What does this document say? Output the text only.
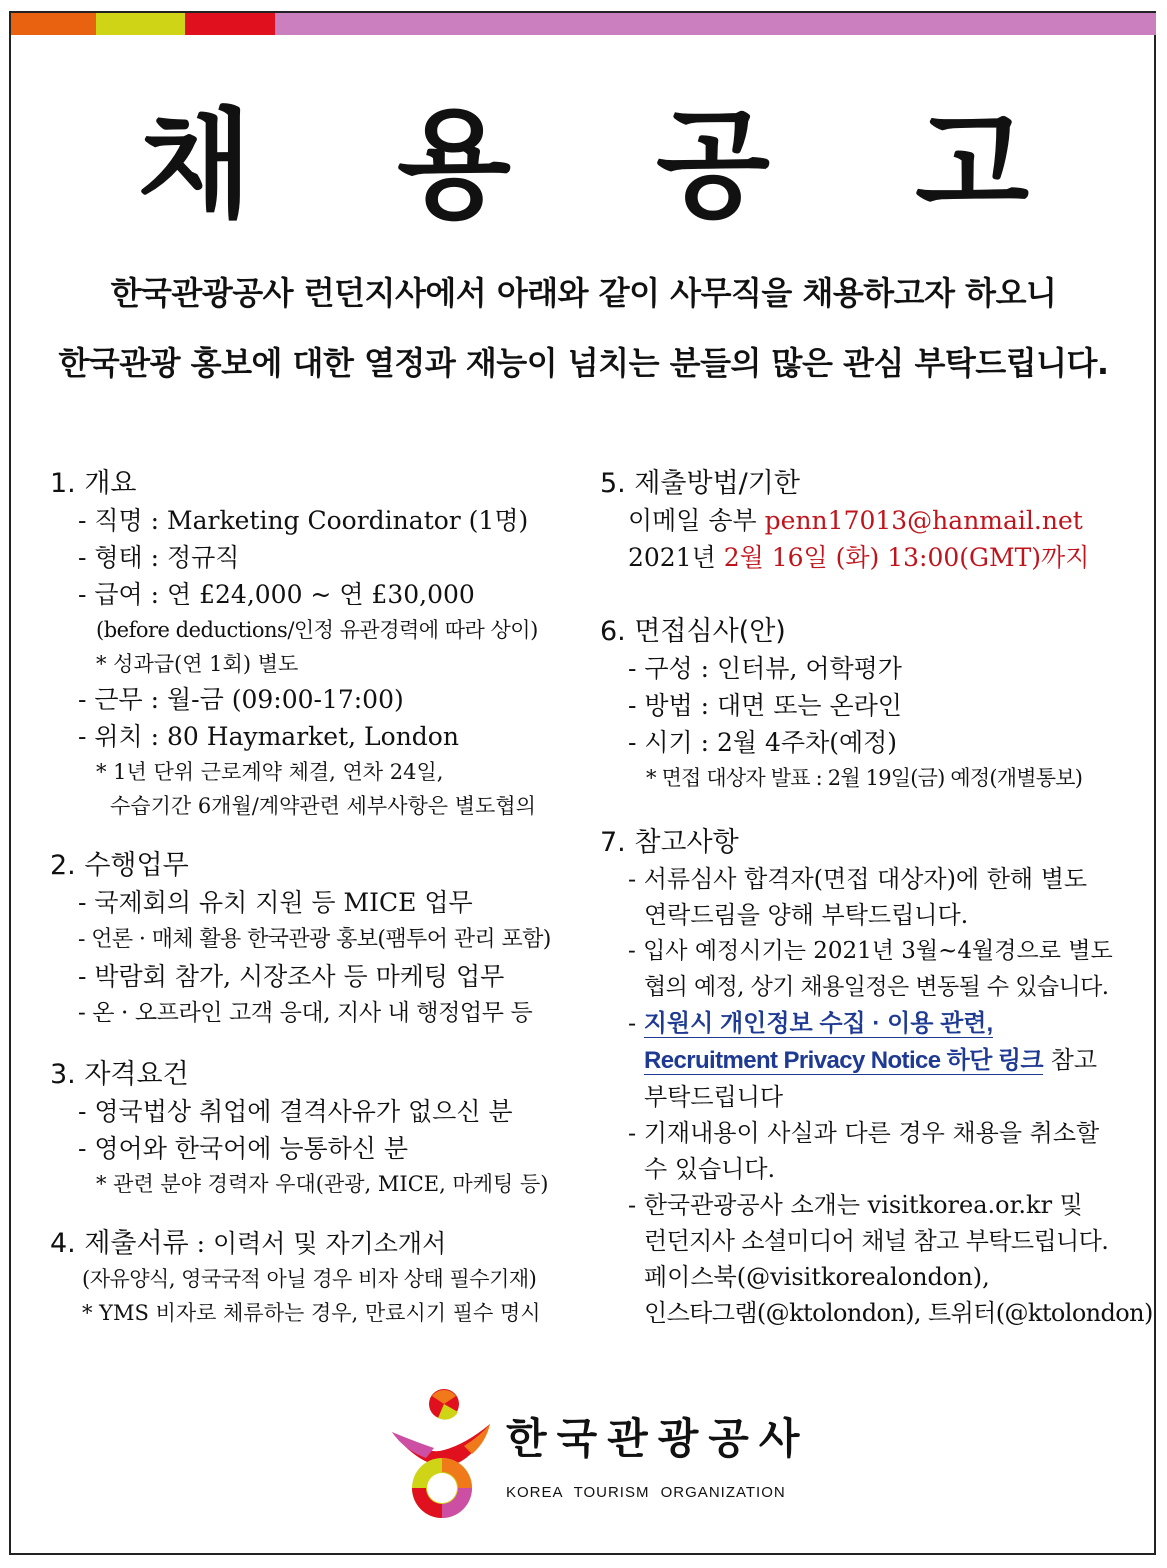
채 용 공 고
한국관광공사 런던지사에서 아래와 같이 사무직을 채용하고자 하오니
한국관광 홍보에 대한 열정과 재능이 넘치는 분들의 많은 관심 부탁드립니다.
1. 개요
- 직명 : Marketing Coordinator (1명)
- 형태 : 정규직
- 급여 : 연 £24,000 ~ 연 £30,000
(before deductions/인정 유관경력에 따라 상이)
* 성과급(연 1회) 별도
- 근무 : 월-금 (09:00-17:00)
- 위치 : 80 Haymarket, London
* 1년 단위 근로계약 체결, 연차 24일,
수습기간 6개월/계약관련 세부사항은 별도협의
2. 수행업무
- 국제회의 유치 지원 등 MICE 업무
- 언론 · 매체 활용 한국관광 홍보(팸투어 관리 포함)
- 박람회 참가, 시장조사 등 마케팅 업무
- 온 · 오프라인 고객 응대, 지사 내 행정업무 등
3. 자격요건
- 영국법상 취업에 결격사유가 없으신 분
- 영어와 한국어에 능통하신 분
* 관련 분야 경력자 우대(관광, MICE, 마케팅 등)
4. 제출서류 : 이력서 및 자기소개서
(자유양식, 영국국적 아닐 경우 비자 상태 필수기재)
* YMS 비자로 체류하는 경우, 만료시기 필수 명시
5. 제출방법/기한
이메일 송부 penn17013@hanmail.net
2021년 2월 16일 (화) 13:00(GMT)까지
6. 면접심사(안)
- 구성 : 인터뷰, 어학평가
- 방법 : 대면 또는 온라인
- 시기 : 2월 4주차(예정)
* 면접 대상자 발표 : 2월 19일(금) 예정(개별통보)
7. 참고사항
- 서류심사 합격자(면접 대상자)에 한해 별도
연락드림을 양해 부탁드립니다.
- 입사 예정시기는 2021년 3월~4월경으로 별도
협의 예정, 상기 채용일정은 변동될 수 있습니다.
- 지원시 개인정보 수집 · 이용 관련,
Recruitment Privacy Notice 하단 링크 참고
부탁드립니다
- 기재내용이 사실과 다른 경우 채용을 취소할
수 있습니다.
- 한국관광공사 소개는 visitkorea.or.kr 및
런던지사 소셜미디어 채널 참고 부탁드립니다.
페이스북(@visitkorealondon),
인스타그램(@ktolondon), 트위터(@ktolondon)
한국관광공사
KOREA TOURISM ORGANIZATION
